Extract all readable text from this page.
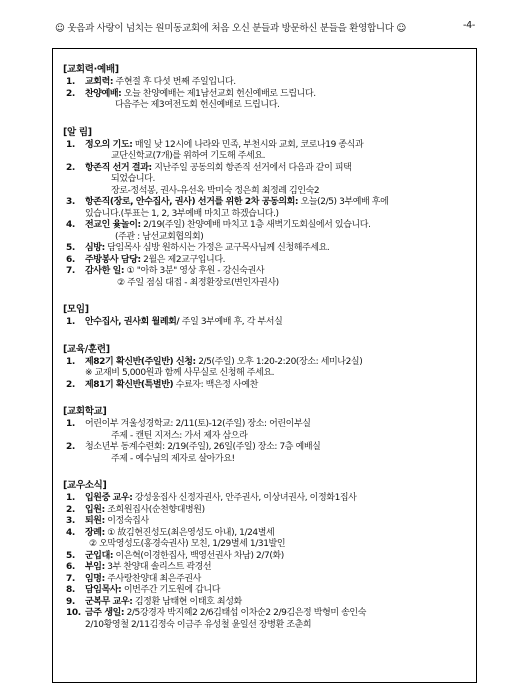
☺ 웃음과 사랑이 넘치는 원미동교회에 처음 오신 분들과 방문하신 분들을 환영합니다 ☺	-4-
[교회력·예배]
1.	교회력: 주현절 후 다섯 번째 주일입니다.
2.	찬양예배: 오늘 찬양예배는 제1남선교회 헌신예배로 드립니다.
다음주는 제3여전도회 헌신예배로 드립니다.
[알 림]
1.	정오의 기도: 매일 낮 12시에 나라와 민족, 부천시와 교회, 코로나19 종식과
교단신학교(7개)를 위하여 기도해 주세요.
2.	항존직 선거 결과: 지난주일 공동의회 항존직 선거에서 다음과 같이 피택
되었습니다.
장로-정석봉, 권사-유선옥 박미숙 정은희 최정례 김인숙2
3.	항존직(장로, 안수집사, 권사) 선거를 위한 2차 공동의회: 오늘(2/5) 3부예배 후에
있습니다.(투표는 1, 2, 3부예배 마치고 하겠습니다.)
4.	전교인 윷놀이: 2/19(주일) 찬양예배 마치고 1층 새벽기도회실에서 있습니다.
(주관 : 남선교회협의회)
5.	심방: 담임목사 심방 원하시는 가정은 교구목사님께 신청해주세요.
6.	주방봉사 담당: 2월은 제2교구입니다.
7.	감사한 일: ① "아하 3분" 영상 후원 - 강신숙권사
② 주일 점심 대접 - 최정환장로(변인자권사)
[모임]
1.	안수집사, 권사회 월례회/ 주일 3부예배 후, 각 부서실
[교육/훈련]
1.	제82기 확신반(주일반) 신청: 2/5(주일) 오후 1:20-2:20(장소: 세미나2실)
※ 교재비 5,000원과 함께 사무실로 신청해 주세요.
2.	제81기 확신반(특별반) 수료자: 백은정 사예찬
[교회학교]
1.	어린이부 겨울성경학교: 2/11(토)-12(주일) 장소: 어린이부실
주제 - 캔틴 지저스: 가서 제자 삼으라
2.	청소년부 동계수련회: 2/19(주일), 26일(주일) 장소: 7층 예배실
주제 - 예수님의 제자로 살아가요!
[교우소식]
1.	입원중 교우: 강성웅집사 신정자권사, 안주권사, 이상녀권사, 이정화1집사
2.	입원: 조희원집사(순천향대병원)
3.	퇴원: 이정숙집사
4.	장례: ① 故김현진성도(최은영성도 아내), 1/24별세
② 오막영성도(홍경숙권사) 모친, 1/29별세 1/31발인
5.	군입대: 이은혁(이경한집사, 백영선권사 차남) 2/7(화)
6.	부임: 3부 찬양대 솔리스트 곽경선
7.	임명: 주사랑찬양대 최은주권사
8.	담임목사: 이번주간 기도원에 갑니다
9.	군복무 교우: 김정환 남태현 이태호 최성화
10. 금주 생일: 2/5강경자 박지혜2 2/6김태섭 이차순2 2/9김은정 박형미 송인숙
2/10황영철 2/11김정숙 이금주 유성철 윤일선 장병환 조춘희
